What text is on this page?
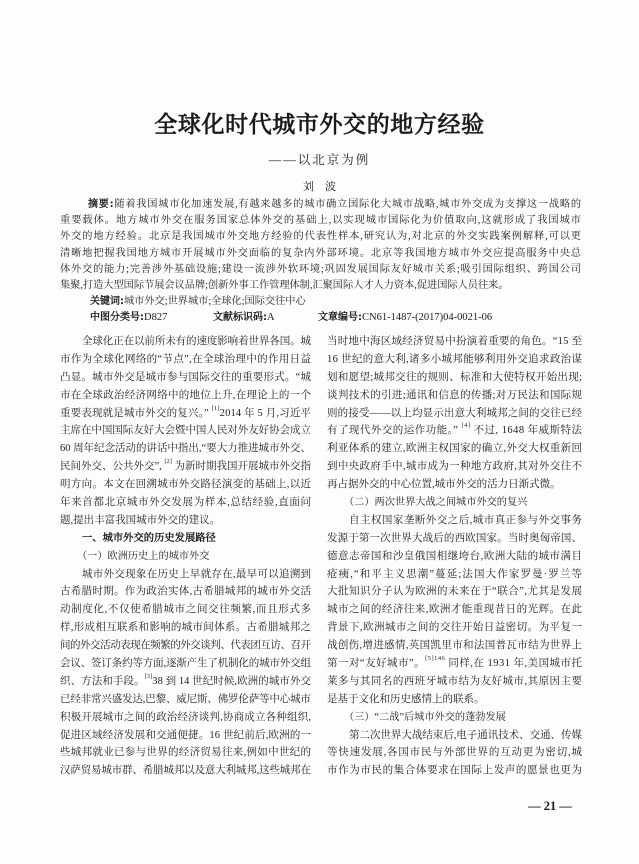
全球化时代城市外交的地方经验
——以北京为例
刘波
摘要:随着我国城市化加速发展,有越来越多的城市确立国际化大城市战略,城市外交成为支撑这一战略的
重要载体。地方城市外交在服务国家总体外交的基础上,以实现城市国际化为价值取向,这就形成了我国城市
外交的地方经验。北京是我国城市外交地方经验的代表性样本,研究认为,对北京的外交实践案例解释,可以更
清晰地把握我国地方城市开展城市外交面临的复杂内外部环境。北京等我国地方城市外交应提高服务中央总
体外交的能力;完善涉外基础设施;建设一流涉外软环境;巩固发展国际友好城市关系;吸引国际组织、跨国公司
集聚,打造大型国际节展会议品牌;创新外事工作管理体制,汇聚国际人才人力资本,促进国际人员往来。
关键词:城市外交;世界城市;全球化;国际交往中心
中图分类号:D827	文献标识码:A	文章编号:CN61-1487-(2017)04-0021-06
全球化正在以前所未有的速度影响着世界各国。城
市作为全球化网络的“节点”,在全球治理中的作用日益
凸显。城市外交是城市参与国际交往的重要形式。“城
市在全球政治经济网络中的地位上升,在理论上的一个
重要表现就是城市外交的复兴。” [1]2014 年 5 月,习近平
主席在中国国际友好大会暨中国人民对外友好协会成立
60 周年纪念活动的讲话中指出,“要大力推进城市外交、
民间外交、公共外交”, [2] 为新时期我国开展城市外交指
明方向。本文在回溯城市外交路径演变的基础上,以近
年来首都北京城市外交发展为样本,总结经验,直面问
题,提出丰富我国城市外交的建议。
一、城市外交的历史发展路径
（一）欧洲历史上的城市外交
城市外交现象在历史上早就存在,最早可以追溯到
古希腊时期。作为政治实体,古希腊城邦的城市外交活
动制度化,不仅使希腊城市之间交往频繁,而且形式多
样,形成相互联系和影响的城市间体系。古希腊城邦之
间的外交活动表现在频繁的外交谈判、代表团互访、召开
会议、签订条约等方面,逐渐产生了机制化的城市外交组
织、方法和手段。[3]38 到 14 世纪时候,欧洲的城市外交
已经非常兴盛发达,巴黎、威尼斯、佛罗伦萨等中心城市
积极开展城市之间的政治经济谈判,协商成立各种组织,
促进区域经济发展和交通便捷。16 世纪前后,欧洲的一
些城邦就业已参与世界的经济贸易往来,例如中世纪的
汉萨贸易城市群、希腊城邦以及意大利城邦,这些城邦在
当时地中海区域经济贸易中扮演着重要的角色。“15 至
16 世纪的意大利,诸多小城邦能够利用外交追求政治谋
划和愿望;城邦交往的规则、标准和大使特权开始出现;
谈判技术的引进;通讯和信息的传播;对万民法和国际规
则的接受——以上均显示出意大利城邦之间的交往已经
有了现代外交的运作功能。” [4] 不过, 1648 年威斯特法
利亚体系的建立,欧洲主权国家的确立,外交大权重新回
到中央政府手中,城市成为一种地方政府,其对外交往不
再占据外交的中心位置,城市外交的活力日渐式微。
（二）两次世界大战之间城市外交的复兴
自主权国家垄断外交之后,城市真正参与外交事务
发源于第一次世界大战后的西欧国家。当时奥匈帝国、
德意志帝国和沙皇俄国相继垮台,欧洲大陆的城市满目
疮痍,“和平主义思潮”蔓延;法国大作家罗曼·罗兰等
大批知识分子认为欧洲的未来在于“联合”,尤其是发展
城市之间的经济往来,欧洲才能重现昔日的光辉。在此
背景下,欧洲城市之间的交往开始日益密切。为平复一
战创伤,增进感情,英国凯里市和法国普瓦市结为世界上
第一对“友好城市”。$^{[5]146}$ 同样,在 1931 年,美国城市托
莱多与其同名的西班牙城市结为友好城市,其原因主要
是基于文化和历史感情上的联系。
（三）“二战”后城市外交的蓬勃发展
第二次世界大战结束后,电子通讯技术、交通、传媒
等快速发展,各国市民与外部世界的互动更为密切,城
市作为市民的集合体要求在国际上发声的愿景也更为
— 21 —
